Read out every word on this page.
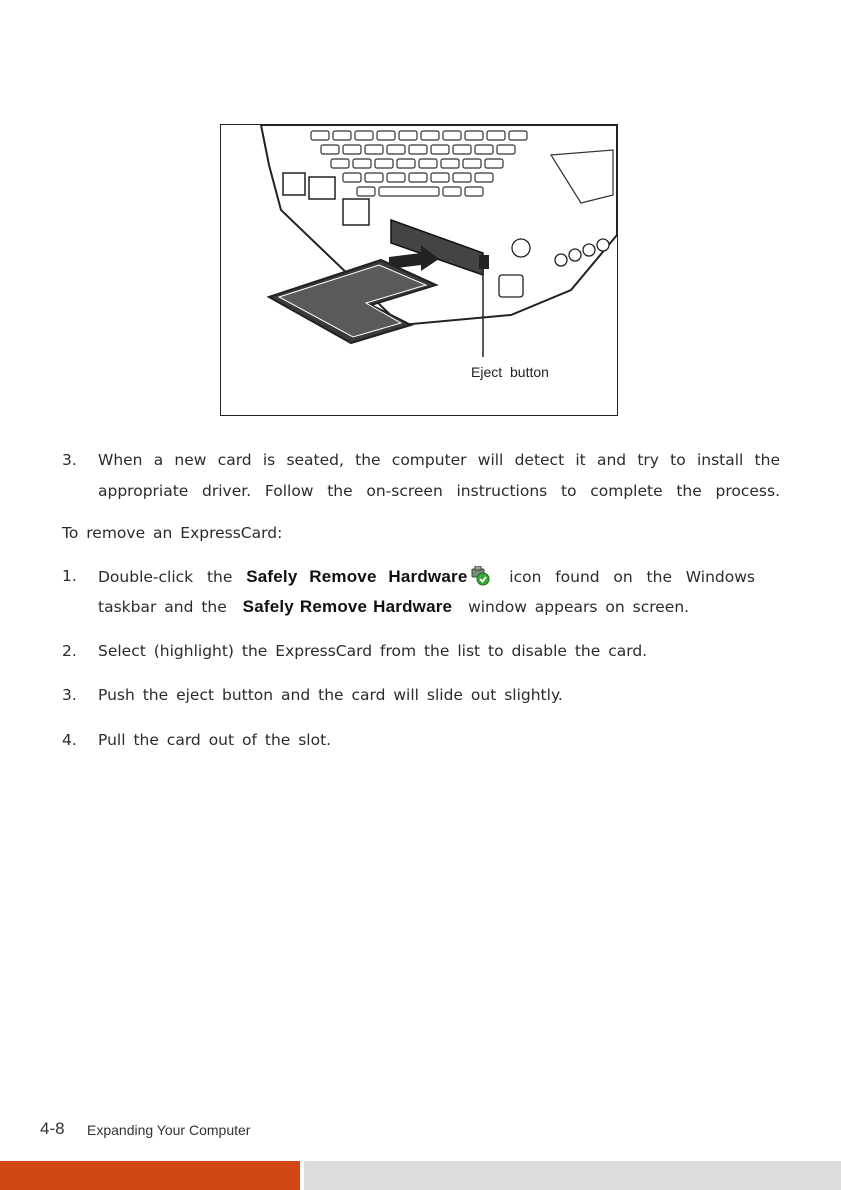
Eject button
3. When a new card is seated, the computer will detect it and try to install the
appropriate driver. Follow the on-screen instructions to complete the process.
To remove an ExpressCard:
1. Double-click the Safely Remove Hardware	icon found on the Windows
taskbar and the Safely Remove Hardware window appears on screen.
2. Select (highlight) the ExpressCard from the list to disable the card.
3. Push the eject button and the card will slide out slightly.
4. Pull the card out of the slot.
4-8 Expanding Your Computer
